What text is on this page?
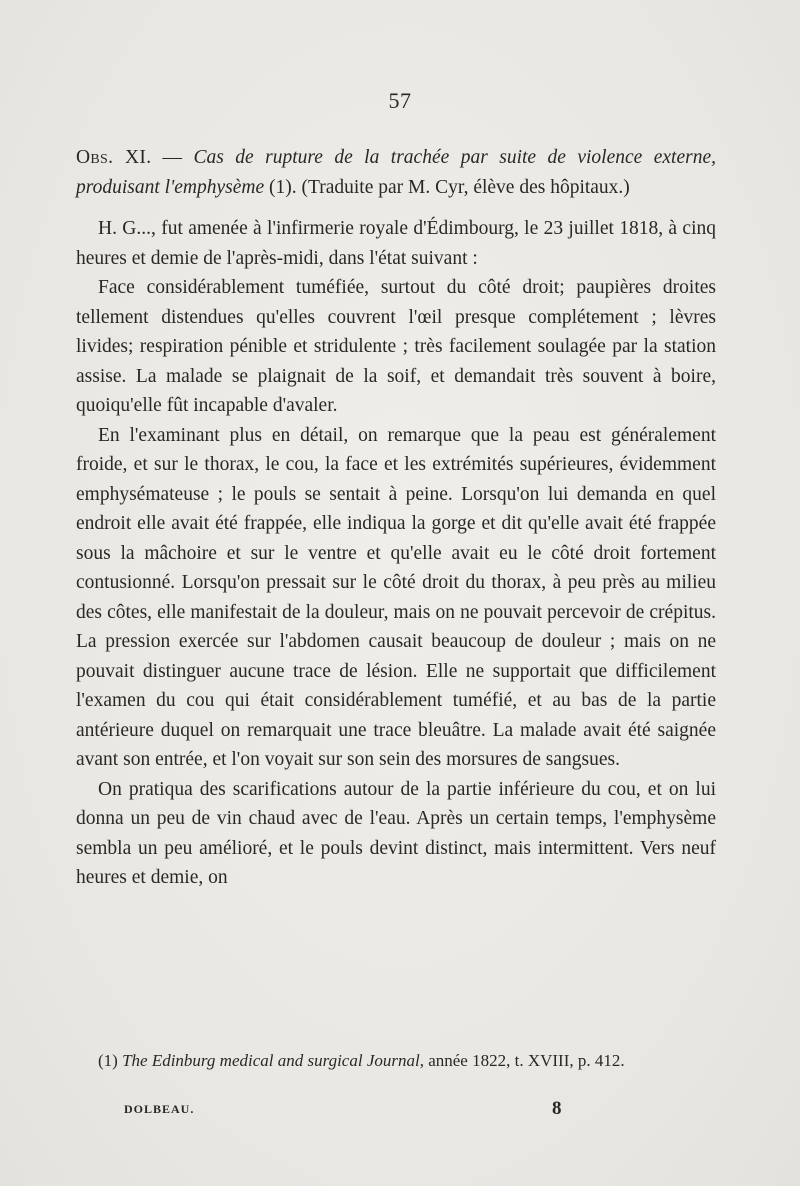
57

Obs. XI. — Cas de rupture de la trachée par suite de violence externe, produisant l'emphysème (1). (Traduite par M. Cyr, élève des hôpitaux.)

H. G..., fut amenée à l'infirmerie royale d'Édimbourg, le 23 juillet 1818, à cinq heures et demie de l'après-midi, dans l'état suivant :

Face considérablement tuméfiée, surtout du côté droit; paupières droites tellement distendues qu'elles couvrent l'œil presque complétement ; lèvres livides; respiration pénible et stridulente ; très facilement soulagée par la station assise. La malade se plaignait de la soif, et demandait très souvent à boire, quoiqu'elle fût incapable d'avaler.

En l'examinant plus en détail, on remarque que la peau est généralement froide, et sur le thorax, le cou, la face et les extrémités supérieures, évidemment emphysémateuse ; le pouls se sentait à peine. Lorsqu'on lui demanda en quel endroit elle avait été frappée, elle indiqua la gorge et dit qu'elle avait été frappée sous la mâchoire et sur le ventre et qu'elle avait eu le côté droit fortement contusionné. Lorsqu'on pressait sur le côté droit du thorax, à peu près au milieu des côtes, elle manifestait de la douleur, mais on ne pouvait percevoir de crépitus. La pression exercée sur l'abdomen causait beaucoup de douleur ; mais on ne pouvait distinguer aucune trace de lésion. Elle ne supportait que difficilement l'examen du cou qui était considérablement tuméfié, et au bas de la partie antérieure duquel on remarquait une trace bleuâtre. La malade avait été saignée avant son entrée, et l'on voyait sur son sein des morsures de sangsues.

On pratiqua des scarifications autour de la partie inférieure du cou, et on lui donna un peu de vin chaud avec de l'eau. Après un certain temps, l'emphysème sembla un peu amélioré, et le pouls devint distinct, mais intermittent. Vers neuf heures et demie, on

(1) The Edinburg medical and surgical Journal, année 1822, t. XVIII, p. 412.
DOLBEAU.	8
